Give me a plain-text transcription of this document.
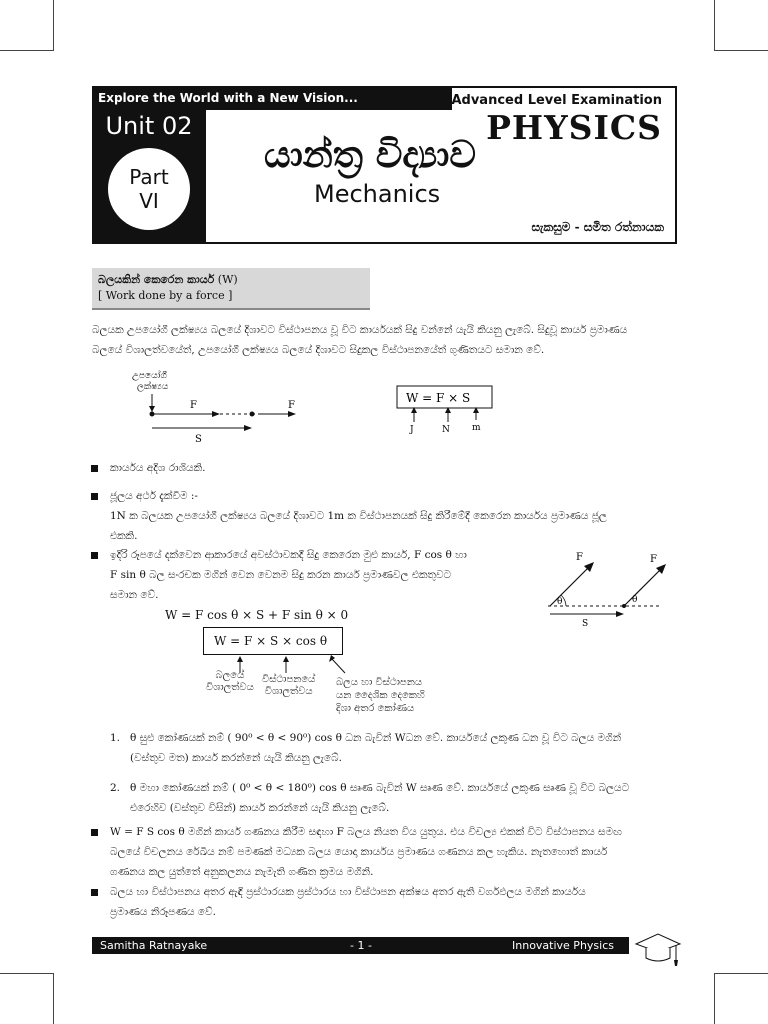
Explore the World with a New Vision...
Unit 02
Part
VI
Advanced Level Examination
PHYSICS
යාන්ත්‍ර විද්‍යාව
Mechanics
සැකසුම - සමිත රත්නායක
බලයකින් කෙරෙන කාර්ය (W)
[ Work done by a force ]
බලයක උපයෝගී ලක්ෂ්‍යය බලයේ දිශාවට විස්ථාපනය වූ විට කාර්යයක් සිදු වන්නේ යැයි කියනු ලැබේ. සිදුවූ කාර්ය ප්‍රමාණය
බලයේ විශාලත්වයේත්, උපයෝගී ලක්ෂ්‍යය බලයේ දිශාවට සිදුකල විස්ථාපනයේත් ගුණිතයට සමාන වේ.
උපයෝගී
ලක්ෂ්‍යය
F	F
S
W = F × S
J	N m
කාර්යය අදිශ රාශියකි.
ජූලය අර්ථ දැක්වීම :-
1N ක බලයක උපයෝගී ලක්ෂ්‍යය බලයේ දිශාවට 1m ක විස්ථාපනයක් සිදු කිරීමේදී කෙරෙන කාර්යය ප්‍රමාණය ජූල
එකකි.
ඉදිරි රූපයේ දක්වෙන ආකාරයේ අවස්ථාවකදී සිදු කෙරෙන මුළු කාර්ය, F cos θ හා
F sin θ බල සංරචක මගින් වෙන වෙනම සිදු කරන කාර්ය ප්‍රමාණවල එකතුවට
සමාන වේ.
F
θ
F
θ
S
W = F cos θ × S + F sin θ × 0
W = F × S × cos θ
බලයේ
විශාලත්වය
විස්ථාපනයේ
විශාලත්වය
බලය හා විස්ථාපනය
යන දෛශික දෙකෙහි
දිශා අතර කෝණය
1. θ සුළු කෝණයක් නම් ( 90⁰ < θ < 90⁰) cos θ ධන බැවින් Wධන වේ. කාර්යයේ ලකුණ ධන වූ විට බලය මගින්
(වස්තුව මත) කාර්ය කරන්නේ යැයි කියනු ලැබේ.
2. θ මහා කෝණයක් නම් ( 0⁰ < θ < 180⁰) cos θ සෘණ බැවින් W සෘණ වේ. කාර්යයේ ලකුණ සෘණ වූ විට බලයට
එරෙහිව (වස්තුව විසින්) කාර්ය කරන්නේ යැයි කියනු ලැබේ.
W = F S cos θ මගින් කාර්ය ගණනය කිරීම සඳහා F බලය නියත විය යුතුය. එය විචල්‍ය එකක් විට විස්ථාපනය සමඟ
බලයේ විචලනය රේඛීය නම් පමණක් මධ්‍යක බලය යොදා කාර්යය ප්‍රමාණය ගණනය කල හැකිය. නැතහොත් කාර්ය
ගණනය කල යුත්තේ අනුකලනය නැමැති ගණිත ක්‍රමය මගිනි.
බලය හා විස්ථාපනය අතර ඇඳි ප්‍රස්ථාරයක ප්‍රස්ථාරය හා විස්ථාපන අක්ෂය අතර ඇති වර්ගඵලය මගින් කාර්යය
ප්‍රමාණය නිරූපණය වේ.
Samitha Ratnayake	- 1 -	Innovative Physics
